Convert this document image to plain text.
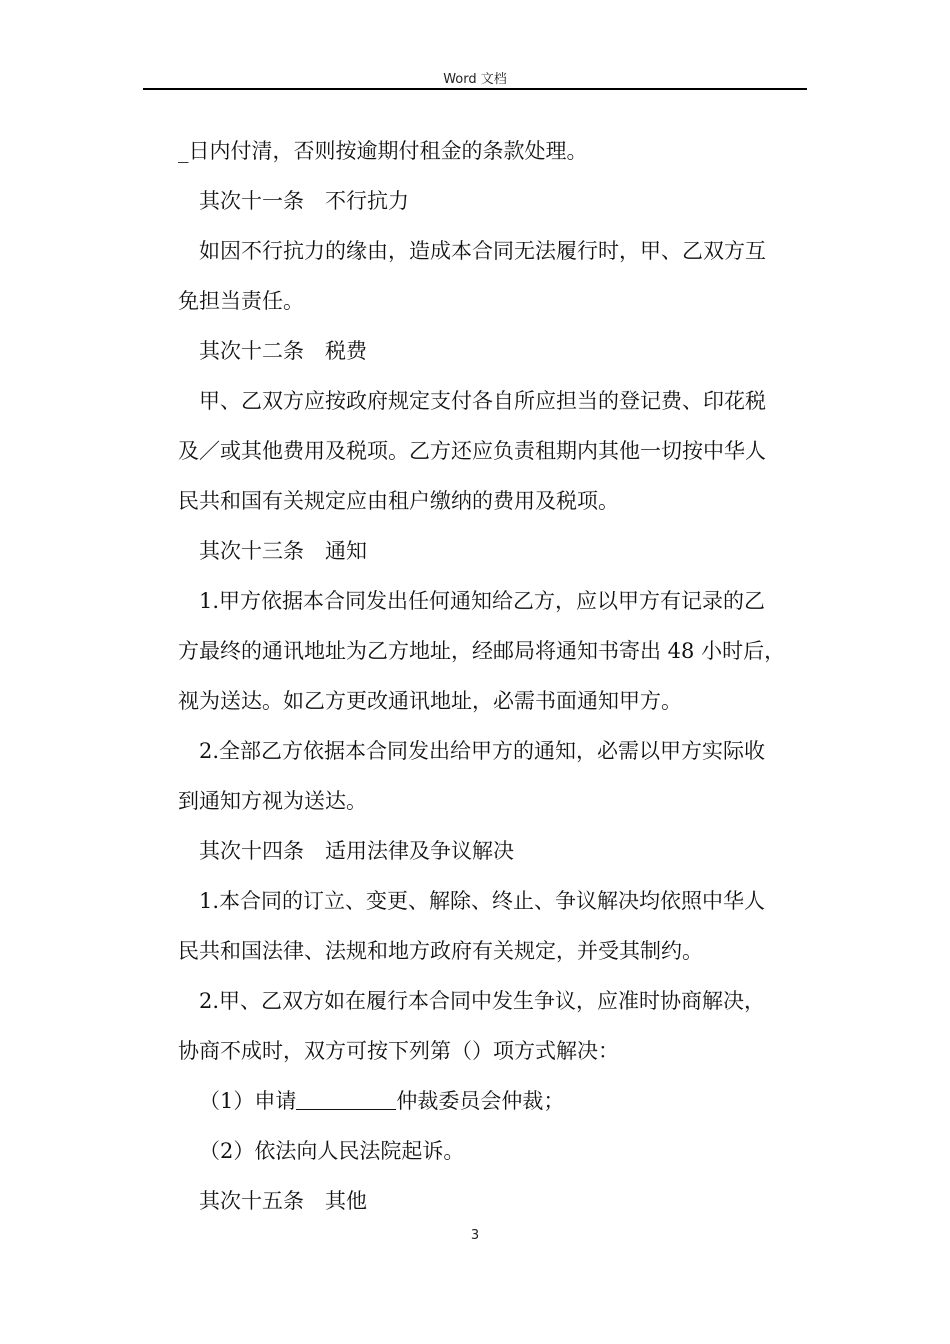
Word 文档

_日内付清，否则按逾期付租金的条款处理。

其次十一条　不行抗力

如因不行抗力的缘由，造成本合同无法履行时，甲、乙双方互

免担当责任。

其次十二条　税费

甲、乙双方应按政府规定支付各自所应担当的登记费、印花税

及／或其他费用及税项。乙方还应负责租期内其他一切按中华人

民共和国有关规定应由租户缴纳的费用及税项。

其次十三条　通知

1.甲方依据本合同发出任何通知给乙方，应以甲方有记录的乙

方最终的通讯地址为乙方地址，经邮局将通知书寄出 48 小时后，

视为送达。如乙方更改通讯地址，必需书面通知甲方。

2.全部乙方依据本合同发出给甲方的通知，必需以甲方实际收

到通知方视为送达。

其次十四条　适用法律及争议解决

1.本合同的订立、变更、解除、终止、争议解决均依照中华人

民共和国法律、法规和地方政府有关规定，并受其制约。

2.甲、乙双方如在履行本合同中发生争议，应准时协商解决，

协商不成时，双方可按下列第（）项方式解决：

（1）申请	仲裁委员会仲裁；

（2）依法向人民法院起诉。

其次十五条　其他

3
